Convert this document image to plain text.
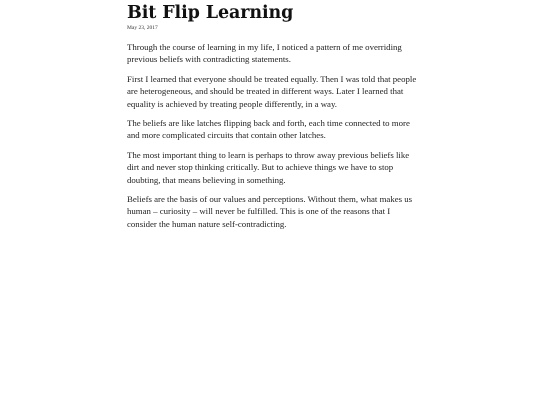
Bit Flip Learning
May 23, 2017

Through the course of learning in my life, I noticed a pattern of me overriding previous beliefs with contradicting statements.

First I learned that everyone should be treated equally. Then I was told that people are heterogeneous, and should be treated in different ways. Later I learned that equality is achieved by treating people differently, in a way.

The beliefs are like latches flipping back and forth, each time connected to more and more complicated circuits that contain other latches.

The most important thing to learn is perhaps to throw away previous beliefs like dirt and never stop thinking critically. But to achieve things we have to stop doubting, that means believing in something.

Beliefs are the basis of our values and perceptions. Without them, what makes us human – curiosity – will never be fulfilled. This is one of the reasons that I consider the human nature self-contradicting.
